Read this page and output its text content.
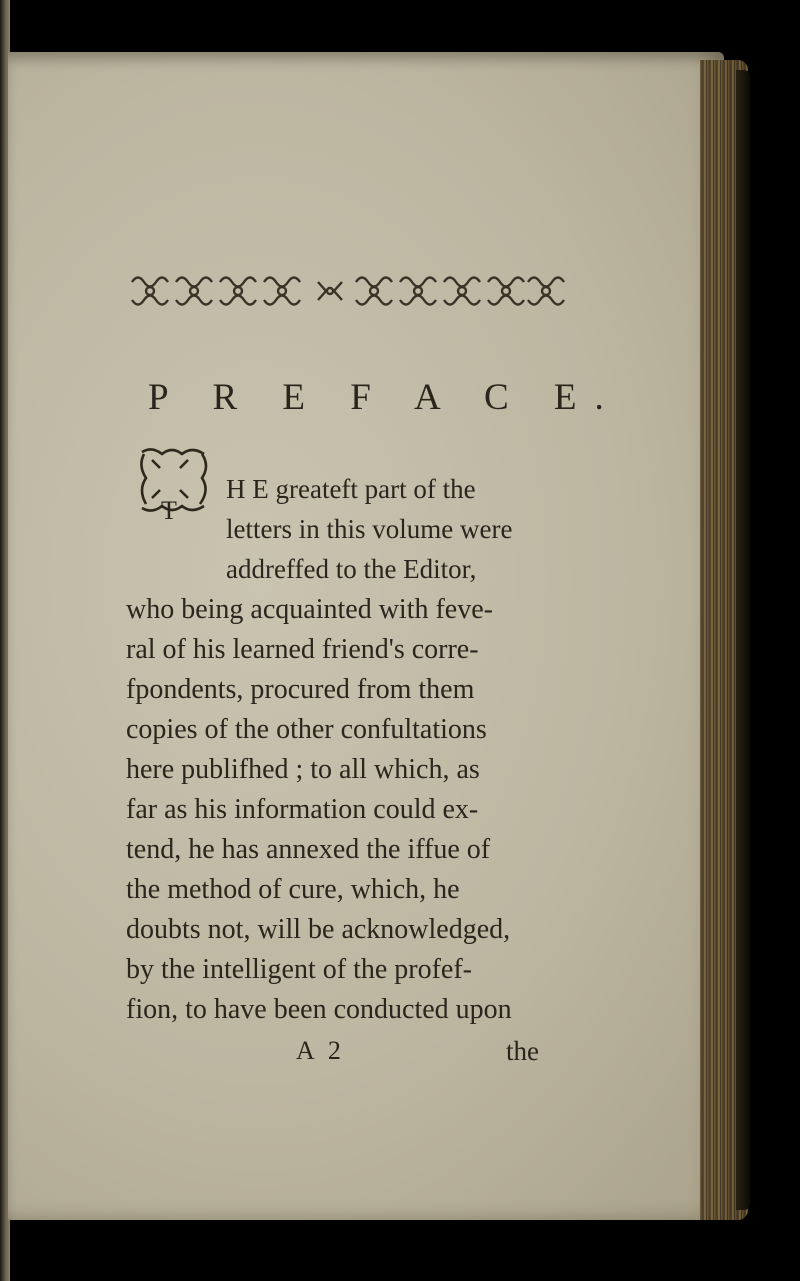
P R E F A C E.
T

H E greateft part of the

letters in this volume were

addreffed to the Editor,

who being acquainted with feve-

ral of his learned friend's corre-

fpondents, procured from them

copies of the other confultations

here publifhed ; to all which, as

far as his information could ex-

tend, he has annexed the iffue of

the method of cure, which, he

doubts not, will be acknowledged,

by the intelligent of the profef-

fion, to have been conducted upon

A 2	the
